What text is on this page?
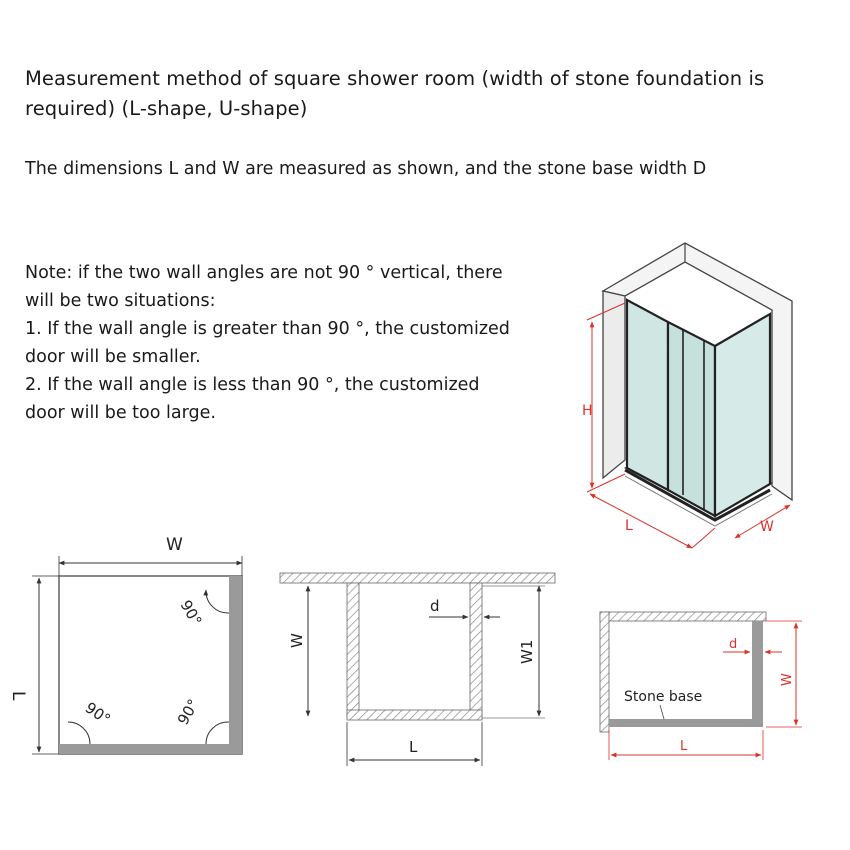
Measurement method of square shower room (width of stone foundation is required) (L-shape, U-shape)

The dimensions L and W are measured as shown, and the stone base width D

Note: if the two wall angles are not 90 ° vertical, there
will be two situations:
1. If the wall angle is greater than 90 °, the customized
door will be smaller.
2. If the wall angle is less than 90 °, the customized
door will be too large.	H
L	W
W
L
90°
90°	90°
W	W1
d
L
d
Stone base
W
L
